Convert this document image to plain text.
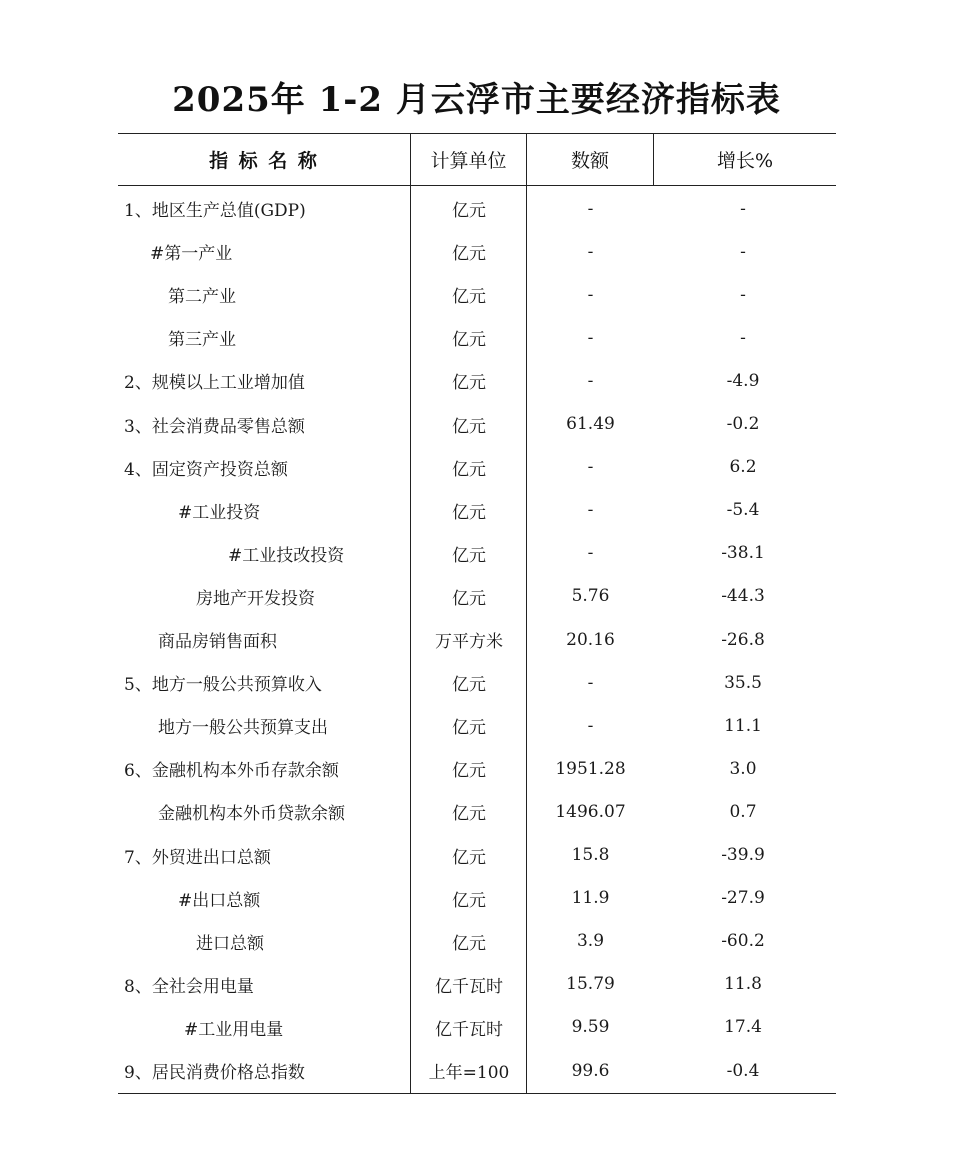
2025年 1-2 月云浮市主要经济指标表
指 标 名 称	计算单位	数额	增长%
1、地区生产总值(GDP)	亿元	-	-
#第一产业	亿元	-	-
第二产业	亿元	-	-
第三产业	亿元	-	-
2、规模以上工业增加值	亿元	-	-4.9
3、社会消费品零售总额	亿元	61.49	-0.2
4、固定资产投资总额	亿元	-	6.2
#工业投资	亿元	-	-5.4
#工业技改投资	亿元	-	-38.1
房地产开发投资	亿元	5.76	-44.3
商品房销售面积	万平方米	20.16	-26.8
5、地方一般公共预算收入	亿元	-	35.5
地方一般公共预算支出	亿元	-	11.1
6、金融机构本外币存款余额	亿元	1951.28	3.0
金融机构本外币贷款余额	亿元	1496.07	0.7
7、外贸进出口总额	亿元	15.8	-39.9
#出口总额	亿元	11.9	-27.9
进口总额	亿元	3.9	-60.2
8、全社会用电量	亿千瓦时	15.79	11.8
#工业用电量	亿千瓦时	9.59	17.4
9、居民消费价格总指数	上年=100	99.6	-0.4
